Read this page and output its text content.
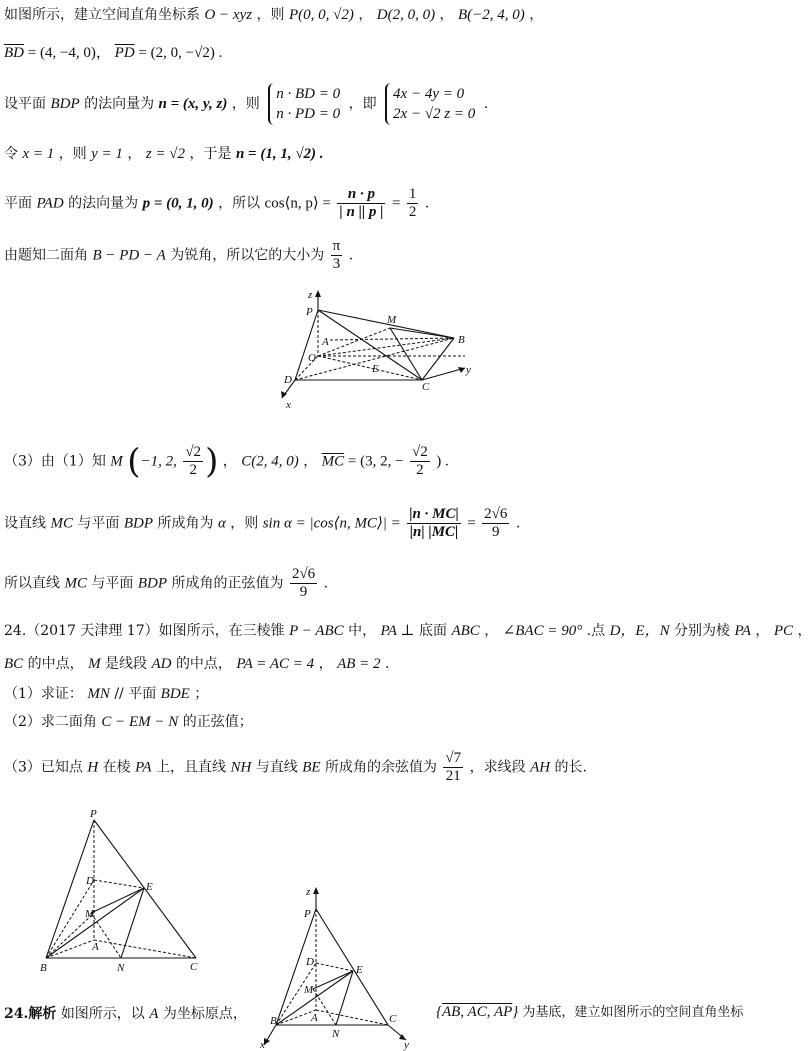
如图所示，建立空间直角坐标系 O − xyz ，则 P(0, 0, √2) ， D(2, 0, 0) ， B(−2, 4, 0) ，
$\overline{BD} = (4$, −4, 0)， $\overline{PD} = (2$, 0, −√2) .
设平面 BDP 的法向量为 n = (x, y, z) ，则
n · BD = 0
n · PD = 0
，即
4x − 4y = 0
2x − √2 z = 0
.
令 x = 1 ，则 y = 1 ， z = √2 ，于是 n = (1, 1, √2) .
平面 PAD 的法向量为 p = (0, 1, 0) ，所以 cos⟨n, p⟩ = $\frac{n \cdot p}{| n || p |} = \frac{1}{2}$ .
由题知二面角 B − PD − A 为锐角，所以它的大小为 $\frac{\pi}{3}$ .
z
P
M
A	B
O
E
D
C
y
x
（3）由（1）知 M (−1, 2, $\frac{√2}{2}$ ) ， C(2, 4, 0) ， $\overline{MC} = (3$, 2, − $\frac{√2}{2}$ ) .
设直线 MC 与平面 BDP 所成角为 α ，则 sin α = |cos⟨n, MC⟩| = $\frac{|n \cdot MC|}{|n| |MC|} = \frac{2√6}{9}$ .
所以直线 MC 与平面 BDP 所成角的正弦值为 $\frac{2√6}{9}$ .
24.（2017 天津理 17）如图所示，在三棱锥 P − ABC 中， PA ⊥ 底面 ABC ， ∠BAC = 90° .点 D，E，N 分别为棱 PA ， PC ，
BC 的中点， M 是线段 AD 的中点， PA = AC = 4 ， AB = 2 .
（1）求证： MN // 平面 BDE ；
（2）求二面角 C − EM − N 的正弦值；
（3）已知点 H 在棱 PA 上，且直线 NH 与直线 BE 所成角的余弦值为 $\frac{√7}{21}$ ，求线段 AH 的长.
P
D	E
M
A
B	N	C
z
P
D
E
M
A
B
N
C
x	y
24.解析 如图所示，以 A 为坐标原点，	{AB, AC, AP} 为基底，建立如图所示的空间直角坐标
